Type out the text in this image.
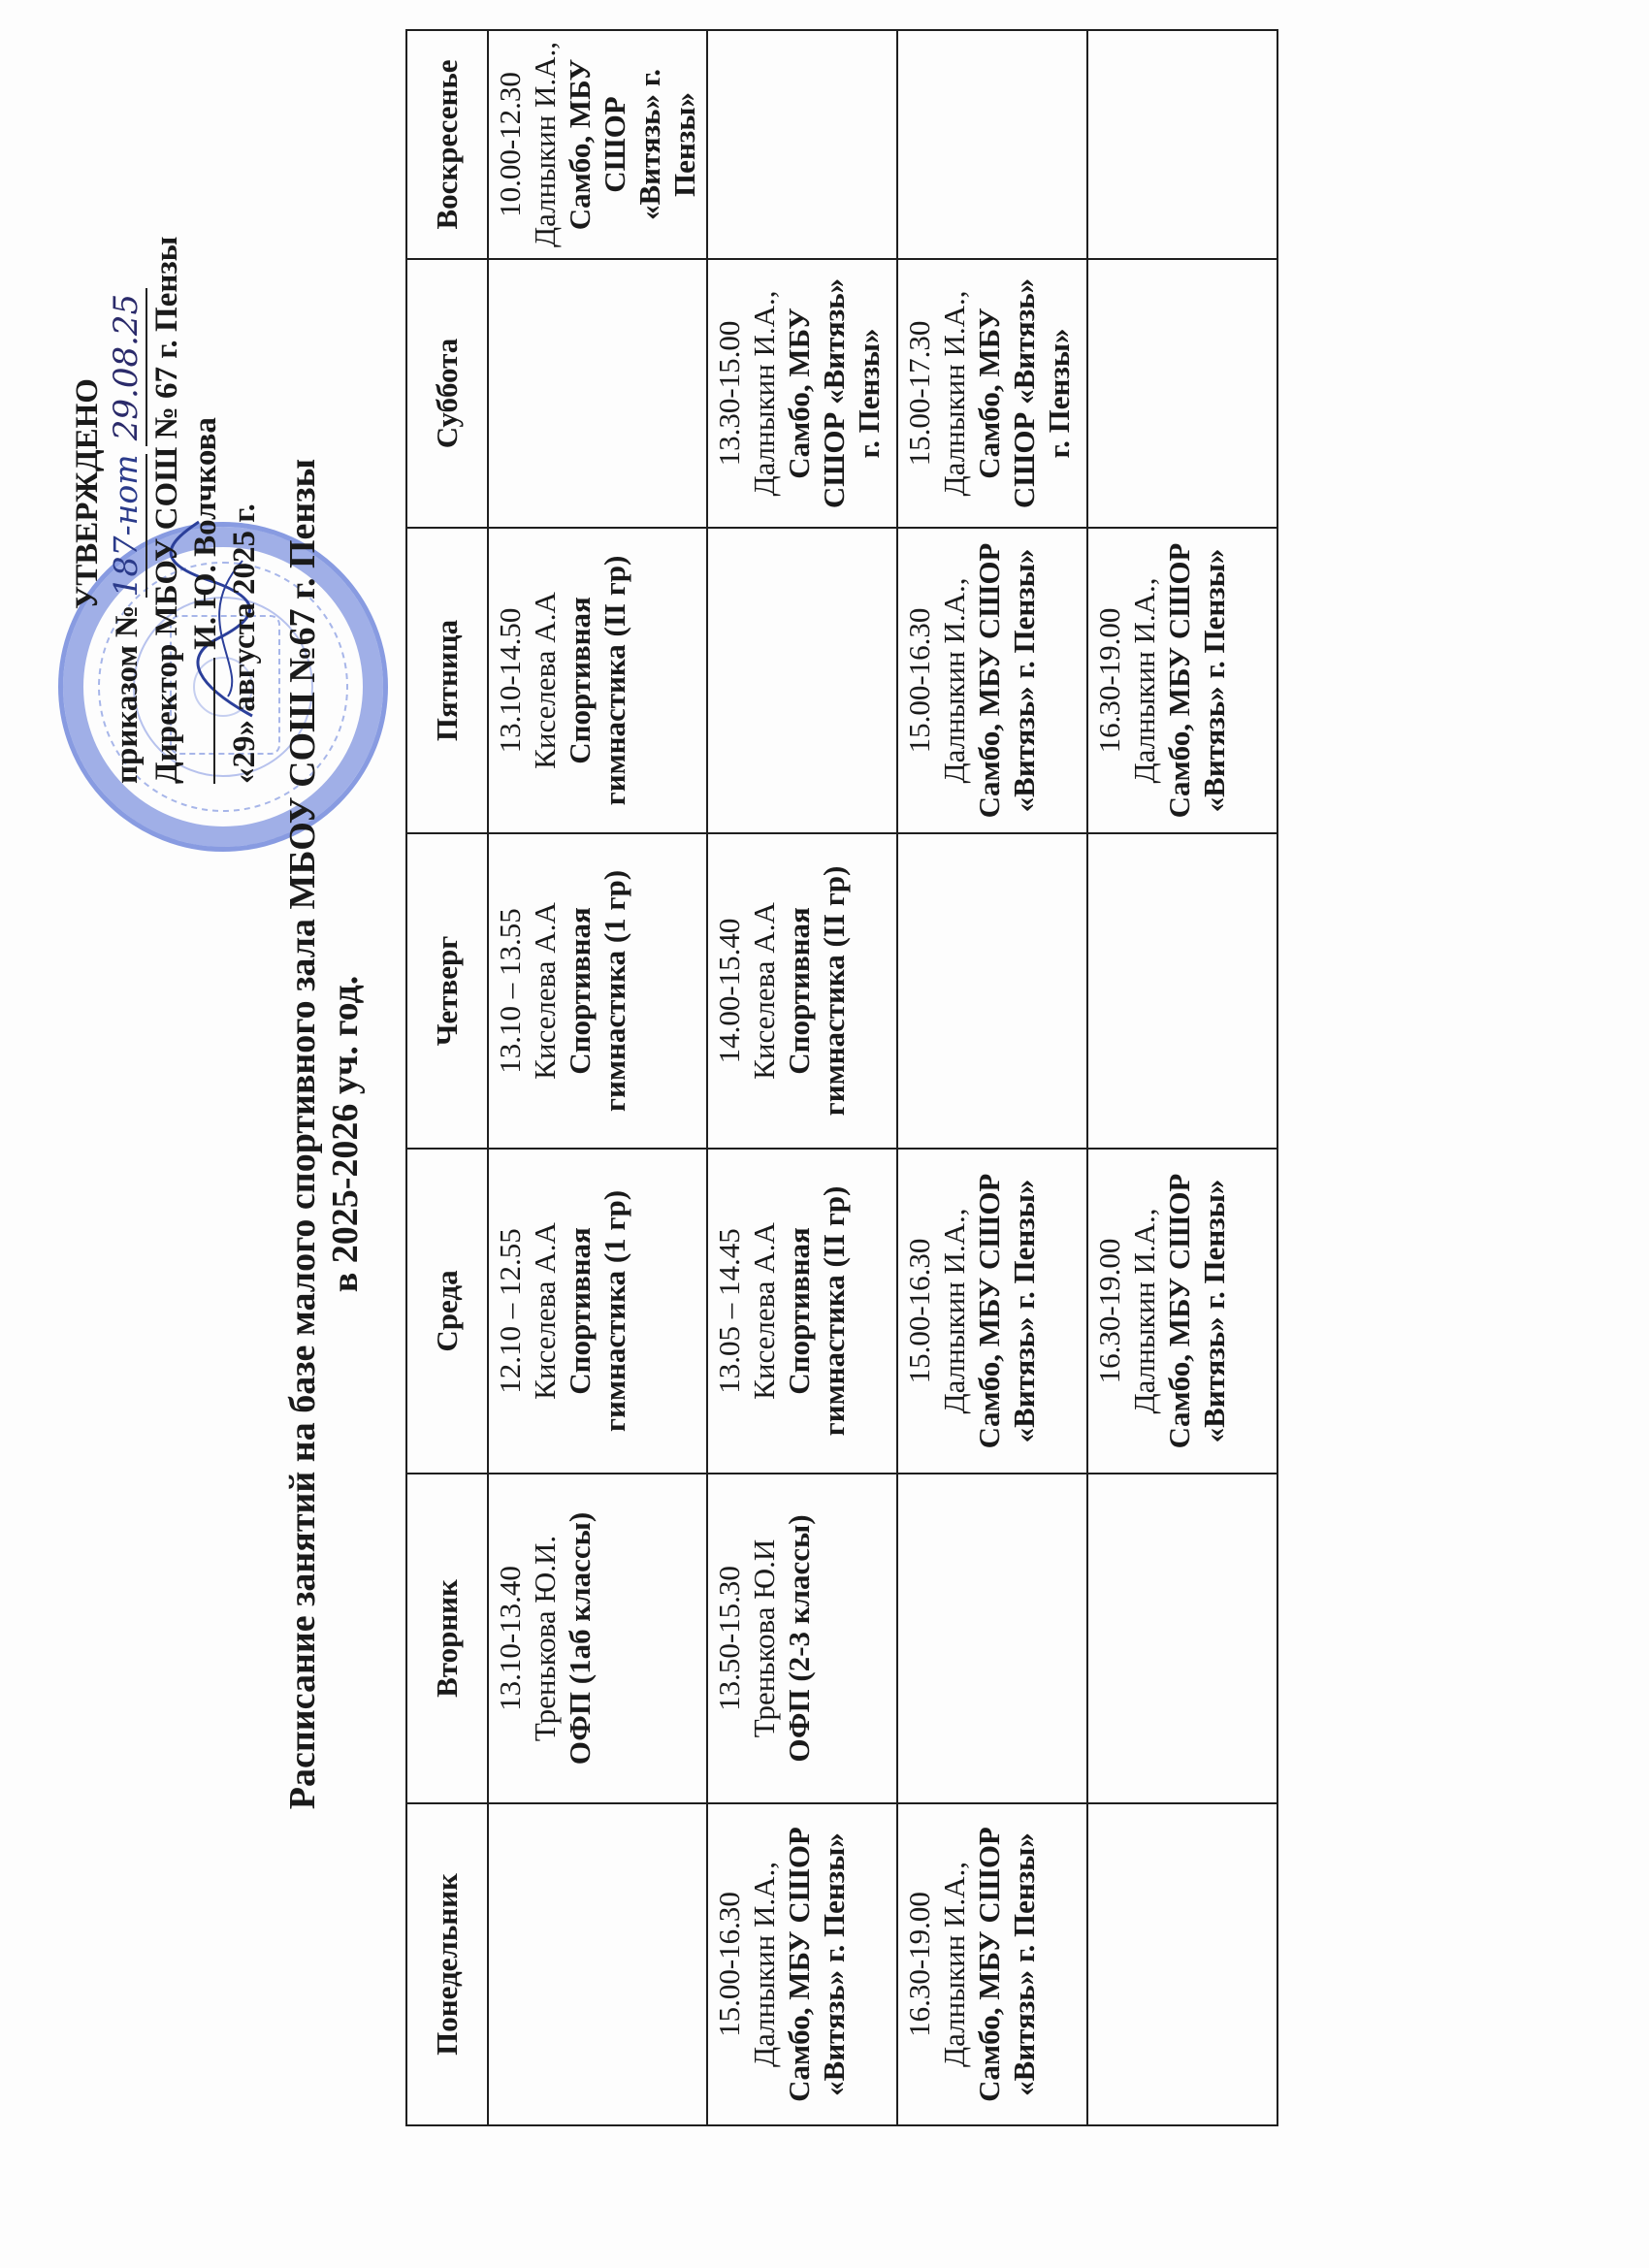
УТВЕРЖДЕНО
приказом № 187-нот 29.08.25 Директор МБОУ СОШ № 67 г. Пензы И. Ю. Волчкова «29» августа 2025 г. Расписание занятий на базе малого спортивного зала МБОУ СОШ №67 г. Пензы в 2025-2026 уч. год.
Понедельник	Вторник	Среда	Четверг	Пятница	Суббота	Воскресенье

	13.10-13.40 Тренькова Ю.И. ОФП (1аб классы)	12.10 – 12.55 Киселева А.А Спортивная гимнастика (1 гр)	13.10 – 13.55 Киселева А.А Спортивная гимнастика (1 гр)	13.10-14.50 Киселева А.А Спортивная гимнастика (II гр)		10.00-12.30 Далныкин И.А., Самбо, МБУ СШОР «Витязь» г. Пензы»

15.00-16.30 Далныкин И.А., Самбо, МБУ СШОР «Витязь» г. Пензы»	13.50-15.30 Тренькова Ю.И ОФП (2-3 классы)	13.05 – 14.45 Киселева А.А Спортивная гимнастика (II гр)	14.00-15.40 Киселева А.А Спортивная гимнастика (II гр)		13.30-15.00 Далныкин И.А., Самбо, МБУ СШОР «Витязь» г. Пензы»	

16.30-19.00 Далныкин И.А., Самбо, МБУ СШОР «Витязь» г. Пензы»		15.00-16.30 Далныкин И.А., Самбо, МБУ СШОР «Витязь» г. Пензы»		15.00-16.30 Далныкин И.А., Самбо, МБУ СШОР «Витязь» г. Пензы»	15.00-17.30 Далныкин И.А., Самбо, МБУ СШОР «Витязь» г. Пензы»	

		16.30-19.00 Далныкин И.А., Самбо, МБУ СШОР «Витязь» г. Пензы»		16.30-19.00 Далныкин И.А., Самбо, МБУ СШОР «Витязь» г. Пензы»		
